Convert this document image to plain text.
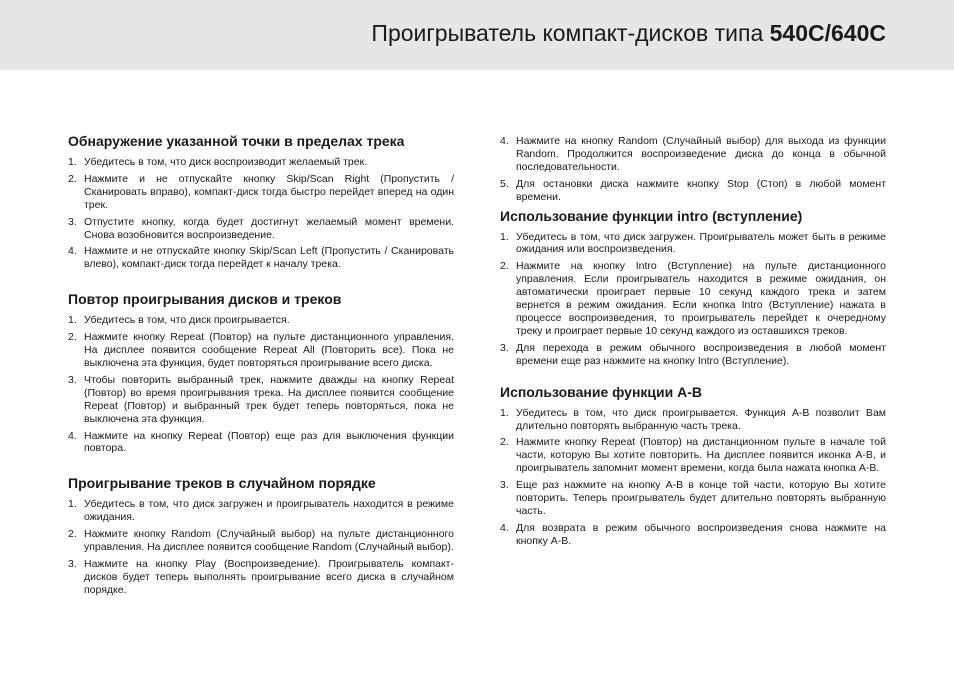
Проигрыватель компакт-дисков типа 540C/640C
Обнаружение указанной точки в пределах трека
1. Убедитесь в том, что диск воспроизводит желаемый трек.
2. Нажмите и не отпускайте кнопку Skip/Scan Right (Пропустить / Сканировать вправо), компакт-диск тогда быстро перейдет вперед на один трек.
3. Отпустите кнопку, когда будет достигнут желаемый момент времени. Снова возобновится воспроизведение.
4. Нажмите и не отпускайте кнопку Skip/Scan Left (Пропустить / Сканировать влево), компакт-диск тогда перейдет к началу трека.
Повтор проигрывания дисков и треков
1. Убедитесь в том, что диск проигрывается.
2. Нажмите кнопку Repeat (Повтор) на пульте дистанционного управления. На дисплее появится сообщение Repeat All (Повторить все). Пока не выключена эта функция, будет повторяться проигрывание всего диска.
3. Чтобы повторить выбранный трек, нажмите дважды на кнопку Repeat (Повтор) во время проигрывания трека. На дисплее появится сообщение Repeat (Повтор) и выбранный трек будет теперь повторяться, пока не выключена эта функция.
4. Нажмите на кнопку Repeat (Повтор) еще раз для выключения функции повтора.
Проигрывание треков в случайном порядке
1. Убедитесь в том, что диск загружен и проигрыватель находится в режиме ожидания.
2. Нажмите кнопку Random (Случайный выбор) на пульте дистанционного управления. На дисплее появится сообщение Random (Случайный выбор).
3. Нажмите на кнопку Play (Воспроизведение). Проигрыватель компакт-дисков будет теперь выполнять проигрывание всего диска в случайном порядке.
4. Нажмите на кнопку Random (Случайный выбор) для выхода из функции Random. Продолжится воспроизведение диска до конца в обычной последовательности.
5. Для остановки диска нажмите кнопку Stop (Стоп) в любой момент времени.
Использование функции intro (вступление)
1. Убедитесь в том, что диск загружен. Проигрыватель может быть в режиме ожидания или воспроизведения.
2. Нажмите на кнопку Intro (Вступление) на пульте дистанционного управления. Если проигрыватель находится в режиме ожидания, он автоматически проиграет первые 10 секунд каждого трека и затем вернется в режим ожидания. Если кнопка Intro (Вступление) нажата в процессе воспроизведения, то проигрыватель перейдет к очередному треку и проиграет первые 10 секунд каждого из оставшихся треков.
3. Для перехода в режим обычного воспроизведения в любой момент времени еще раз нажмите на кнопку Intro (Вступление).
Использование функции A-B
1. Убедитесь в том, что диск проигрывается. Функция A-B позволит Вам длительно повторять выбранную часть трека.
2. Нажмите кнопку Repeat (Повтор) на дистанционном пульте в начале той части, которую Вы хотите повторить. На дисплее появится иконка A-B, и проигрыватель запомнит момент времени, когда была нажата кнопка A-B.
3. Еще раз нажмите на кнопку A-B в конце той части, которую Вы хотите повторить. Теперь проигрыватель будет длительно повторять выбранную часть.
4. Для возврата в режим обычного воспроизведения снова нажмите на кнопку A-B.
